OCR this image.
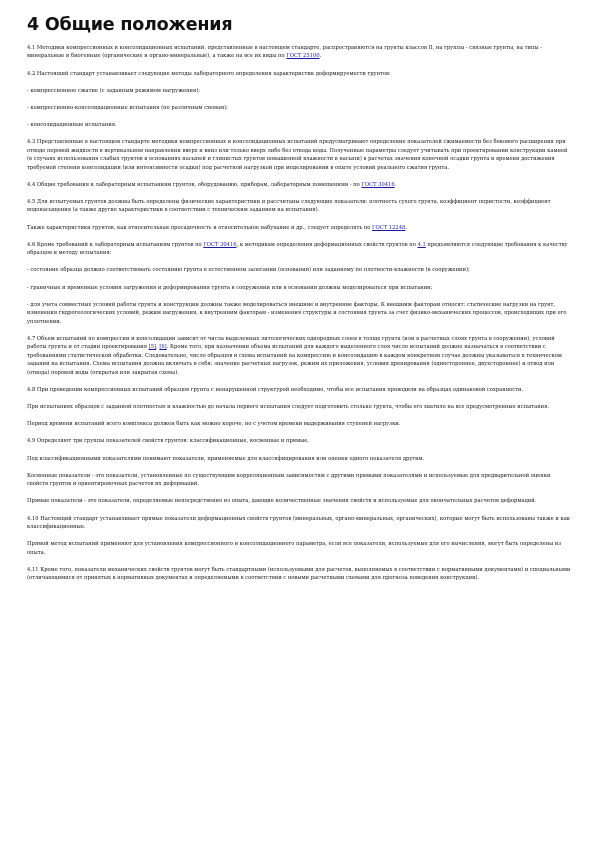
4 Общие положения

4.1 Методики компрессионных и консолидационных испытаний, представленные в настоящем стандарте, распространяются на грунты классов II, на группы - связные грунты, на типы - минеральные и биогенные (органические и органо-минеральные), а также на все их виды по ГОСТ 25100.

4.2 Настоящий стандарт устанавливает следующие методы лабораторного определения характеристик деформируемости грунтов:

- компрессионное сжатие (с заданным режимом нагружения);

- компрессионно-консолидационные испытания (по различным схемам);

- консолидационные испытания.

4.3 Представленные в настоящем стандарте методики компрессионных и консолидационных испытаний предусматривают определение показателей сжимаемости без бокового расширения при отводе поровой жидкости в вертикальном направлении вверх и вниз или только вверх либо без отвода воды. Полученные параметры следует учитывать при проектировании конструкции камней (в случаях использования слабых грунтов в основаниях насыпей и глинистых грунтов повышенной влажности в насыпи) в расчетах значения конечной осадки грунта и времени достижения требуемой степени консолидации (или интенсивности осадки) под расчетной нагрузкой при моделировании в опыте условий реального сжатия грунта.

4.4 Общие требования к лабораторным испытаниям грунтов, оборудованию, приборам, лабораторным помещениям - по ГОСТ 30416.

4.5 Для испытуемых грунтов должны быть определены физические характеристики и рассчитаны следующие показатели: плотность сухого грунта, коэффициент пористости, коэффициент водонасыщения (а также другие характеристики в соответствии с техническим заданием на испытания).

Также характеристики грунтов, как относительная просадочность и относительное набухание и др., следует определять по ГОСТ 12248.

4.6 Кроме требований к лабораторным испытаниям грунтов по ГОСТ 30416, к методикам определения деформационных свойств грунтов по 4.1 предъявляются следующие требования к качеству образцов и методу испытания:

- состояние образца должно соответствовать состоянию грунта в естественном залегании (основании) или заданному по плотности-влажности (в сооружении);

- граничные и временные условия загружения и деформирования грунта в сооружении или в основании должны моделироваться при испытании;

- для учета совместных условий работы грунта и конструкции должны также моделироваться внешние и внутренние факторы. К внешним факторам относят: статические нагрузки на грунт, изменения гидрогеологических условий, режим нагружения, к внутренним факторам - изменения структуры и состояния грунта за счет физико-механических процессов, происходящих при его уплотнении.

4.7 Объем испытаний по компрессии и консолидации зависит от числа выделенных литологических однородных слоев в толще грунта (или в расчетных слоях грунта в сооружении), условий работы грунта и от стадии проектирования [5], [6]. Кроме того, при назначении объема испытаний для каждого выделенного слоя число испытаний должно назначаться в соответствии с требованиями статистической обработки. Следовательно, число образцов и схема испытаний на компрессию и консолидацию в каждом конкретном случае должны указываться в техническом задании на испытания. Схема испытания должна включать в себя: значение расчетных нагрузок, режим их приложения, условия дренирования (одностороннее, двухстороннее) и отвод или (отвода) поровой воды (открытая или закрытая схема).

4.8 При проведении компрессионных испытаний образцов грунта с ненарушенной структурой необходимо, чтобы все испытания проводили на образцах одинаковой сохранности.

При испытаниях образцов с заданной плотностью и влажностью до начала первого испытания следует подготовить столько грунта, чтобы его хватило на все предусмотренные испытания.

Период времени испытаний всего комплекса должен быть как можно короче, но с учетом времени выдерживания ступеней нагрузки.

4.9 Определяют три группы показателей свойств грунтов: классификационные, косвенные и прямые.

Под классификационными показателями понимают показатели, применяемые для классифицирования или оценки одного показателя другим.

Косвенные показатели - это показатели, установленные по существующим корреляционным зависимостям с другими прямыми показателями и используемые для предварительной оценки свойств грунтов и ориентировочных расчетов их деформаций.

Прямые показатели - это показатели, определяемые непосредственно из опыта, дающие количественные значения свойств и используемые для окончательных расчетов деформаций.

4.10 Настоящий стандарт устанавливает прямые показатели деформационных свойств грунтов (минеральных, органо-минеральных, органических), которые могут быть использованы также и как классификационные.

Прямой метод испытаний применяют для установления компрессионного и консолидационного параметра, если все показатели, используемые для его вычисления, могут быть определены из опыта.

4.11 Кроме того, показатели механических свойств грунтов могут быть стандартными (используемыми для расчетов, выполняемых в соответствии с нормативными документами) и специальными (отличающимися от принятых в нормативных документах и определяемыми в соответствии с новыми расчетными схемами для прогноза поведения конструкции).
